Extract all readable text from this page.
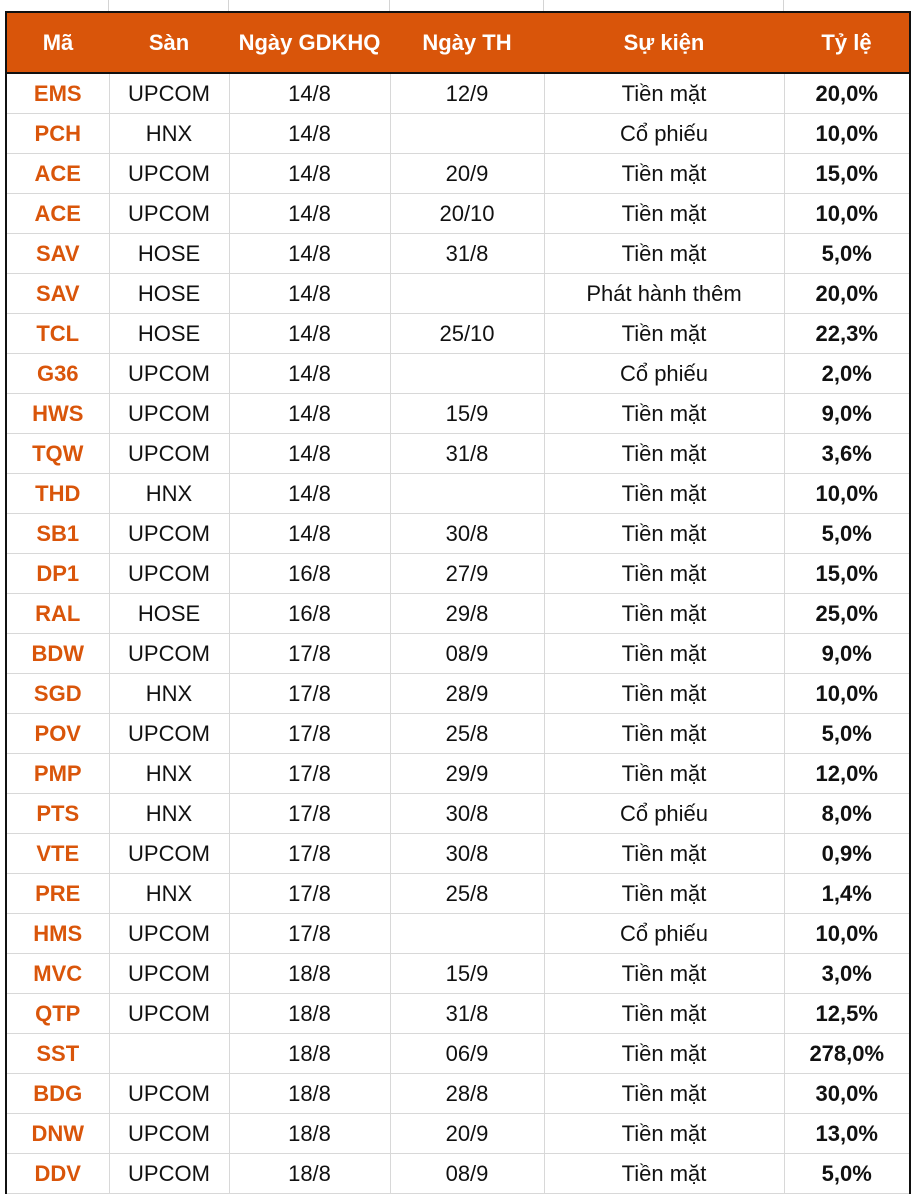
Mã	Sàn	Ngày GDKHQ	Ngày TH	Sự kiện	Tỷ lệ
EMS	UPCOM	14/8	12/9	Tiền mặt	20,0%
PCH	HNX	14/8		Cổ phiếu	10,0%
ACE	UPCOM	14/8	20/9	Tiền mặt	15,0%
ACE	UPCOM	14/8	20/10	Tiền mặt	10,0%
SAV	HOSE	14/8	31/8	Tiền mặt	5,0%
SAV	HOSE	14/8		Phát hành thêm	20,0%
TCL	HOSE	14/8	25/10	Tiền mặt	22,3%
G36	UPCOM	14/8		Cổ phiếu	2,0%
HWS	UPCOM	14/8	15/9	Tiền mặt	9,0%
TQW	UPCOM	14/8	31/8	Tiền mặt	3,6%
THD	HNX	14/8		Tiền mặt	10,0%
SB1	UPCOM	14/8	30/8	Tiền mặt	5,0%
DP1	UPCOM	16/8	27/9	Tiền mặt	15,0%
RAL	HOSE	16/8	29/8	Tiền mặt	25,0%
BDW	UPCOM	17/8	08/9	Tiền mặt	9,0%
SGD	HNX	17/8	28/9	Tiền mặt	10,0%
POV	UPCOM	17/8	25/8	Tiền mặt	5,0%
PMP	HNX	17/8	29/9	Tiền mặt	12,0%
PTS	HNX	17/8	30/8	Cổ phiếu	8,0%
VTE	UPCOM	17/8	30/8	Tiền mặt	0,9%
PRE	HNX	17/8	25/8	Tiền mặt	1,4%
HMS	UPCOM	17/8		Cổ phiếu	10,0%
MVC	UPCOM	18/8	15/9	Tiền mặt	3,0%
QTP	UPCOM	18/8	31/8	Tiền mặt	12,5%
SST		18/8	06/9	Tiền mặt	278,0%
BDG	UPCOM	18/8	28/8	Tiền mặt	30,0%
DNW	UPCOM	18/8	20/9	Tiền mặt	13,0%
DDV	UPCOM	18/8	08/9	Tiền mặt	5,0%
